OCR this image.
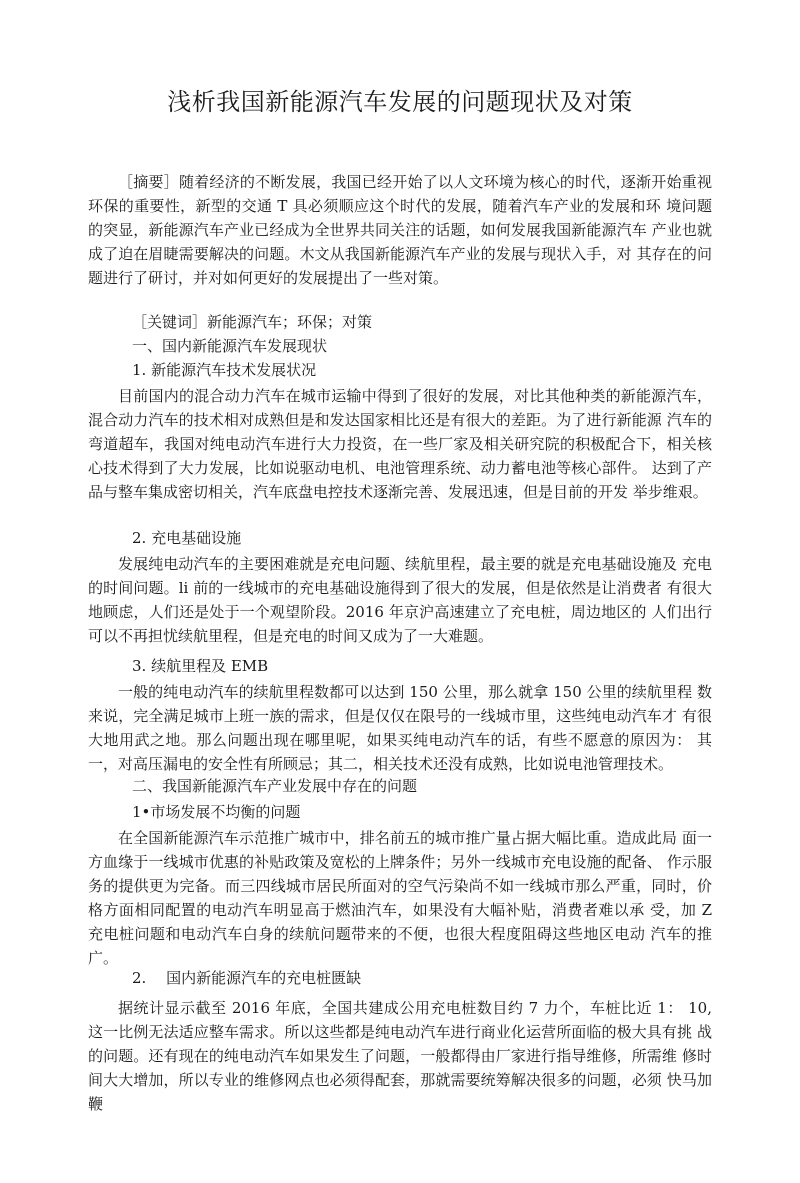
浅析我国新能源汽车发展的问题现状及对策

［摘要］随着经济的不断发展，我国已经开始了以人文环境为核心的时代，逐渐开始重视环保的重要性，新型的交通 T 具必须顺应这个时代的发展，随着汽车产业的发展和环 境问题的突显，新能源汽车产业已经成为全世界共同关注的话题，如何发展我国新能源汽车 产业也就成了迫在眉睫需要解决的问题。木文从我国新能源汽车产业的发展与现状入手，对 其存在的问题进行了研讨，并对如何更好的发展提出了一些对策。

［关键词］新能源汽车；环保；对策

一、国内新能源汽车发展现状

1. 新能源汽车技术发展状况

目前国内的混合动力汽车在城市运输中得到了很好的发展，对比其他种类的新能源汽车，混合动力汽车的技术相对成熟但是和发达国家相比还是有很大的差距。为了进行新能源 汽车的弯道超车，我国对纯电动汽车进行大力投资，在一些厂家及相关研究院的积极配合下，相关核心技术得到了大力发展，比如说驱动电机、电池管理系统、动力蓄电池等核心部件。 达到了产品与整车集成密切相关，汽车底盘电控技术逐渐完善、发展迅速，但是目前的开发 举步维艰。

2. 充电基础设施

发展纯电动汽车的主要困难就是充电问题、续航里程，最主要的就是充电基础设施及 充电的时间问题。li 前的一线城市的充电基础设施得到了很大的发展，但是依然是让消费者 有很大地顾虑，人们还是处于一个观望阶段。2016 年京沪高速建立了充电桩，周边地区的 人们出行可以不再担忧续航里程，但是充电的时间又成为了一大难题。

3. 续航里程及 EMB

一般的纯电动汽车的续航里程数都可以达到 150 公里，那么就拿 150 公里的续航里程 数来说，完全满足城市上班一族的需求，但是仅仅在限号的一线城市里，这些纯电动汽车才 有很大地用武之地。那么问题出现在哪里呢，如果买纯电动汽车的话，有些不愿意的原因为： 其一，对高压漏电的安全性有所顾忌；其二，相关技术还没有成熟，比如说电池管理技术。

二、我国新能源汽车产业发展中存在的问题

1•市场发展不均衡的问题

在全国新能源汽车示范推广城市中，排名前五的城市推广量占据大幅比重。造成此局 面一方血缘于一线城市优惠的补贴政策及宽松的上牌条件；另外一线城市充电设施的配备、 作示服务的提供更为完备。而三四线城市居民所面对的空气污染尚不如一线城市那么严重，同时，价格方面相同配置的电动汽车明显高于燃油汽车，如果没有大幅补贴，消费者难以承 受，加 Z 充电桩问题和电动汽车白身的续航问题带来的不便，也很大程度阻碍这些地区电动 汽车的推广。

2.　 国内新能源汽车的充电桩匮缺

据统计显示截至 2016 年底，全国共建成公用充电桩数目约 7 力个，车桩比近 1： 10, 这一比例无法适应整车需求。所以这些都是纯电动汽车进行商业化运营所面临的极大具有挑 战的问题。还有现在的纯电动汽车如果发生了问题，一般都得由厂家进行指导维修，所需维 修时间大大增加，所以专业的维修网点也必须得配套，那就需要统筹解决很多的问题，必须 快马加鞭
